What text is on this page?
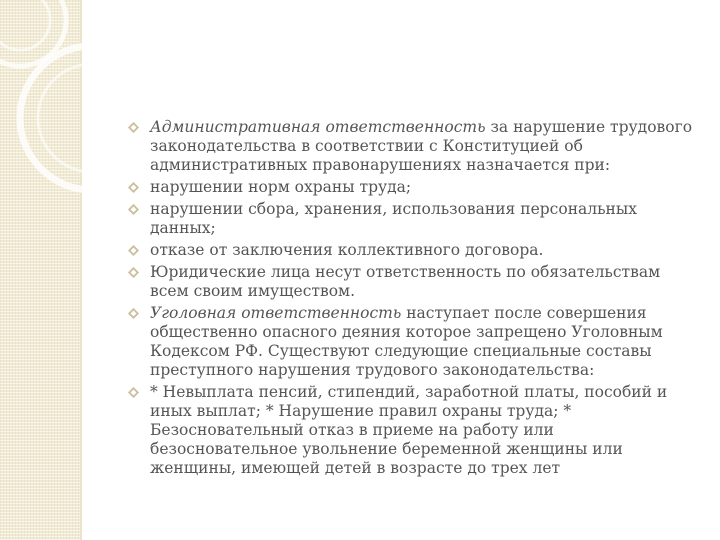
Административная ответственность за нарушение трудового законодательства в соответствии с Конституцией об административных правонарушениях назначается при:
нарушении норм охраны труда;
нарушении сбора, хранения, использования персональных данных;
отказе от заключения коллективного договора.
Юридические лица несут ответственность по обязательствам всем своим имуществом.
Уголовная ответственность наступает после совершения общественно опасного деяния которое запрещено Уголовным Кодексом РФ. Существуют следующие специальные составы преступного нарушения трудового законодательства:
* Невыплата пенсий, стипендий, заработной платы, пособий и иных выплат; * Нарушение правил охраны труда; * Безосновательный отказ в приеме на работу или безосновательное увольнение беременной женщины или женщины, имеющей детей в возрасте до трех лет
